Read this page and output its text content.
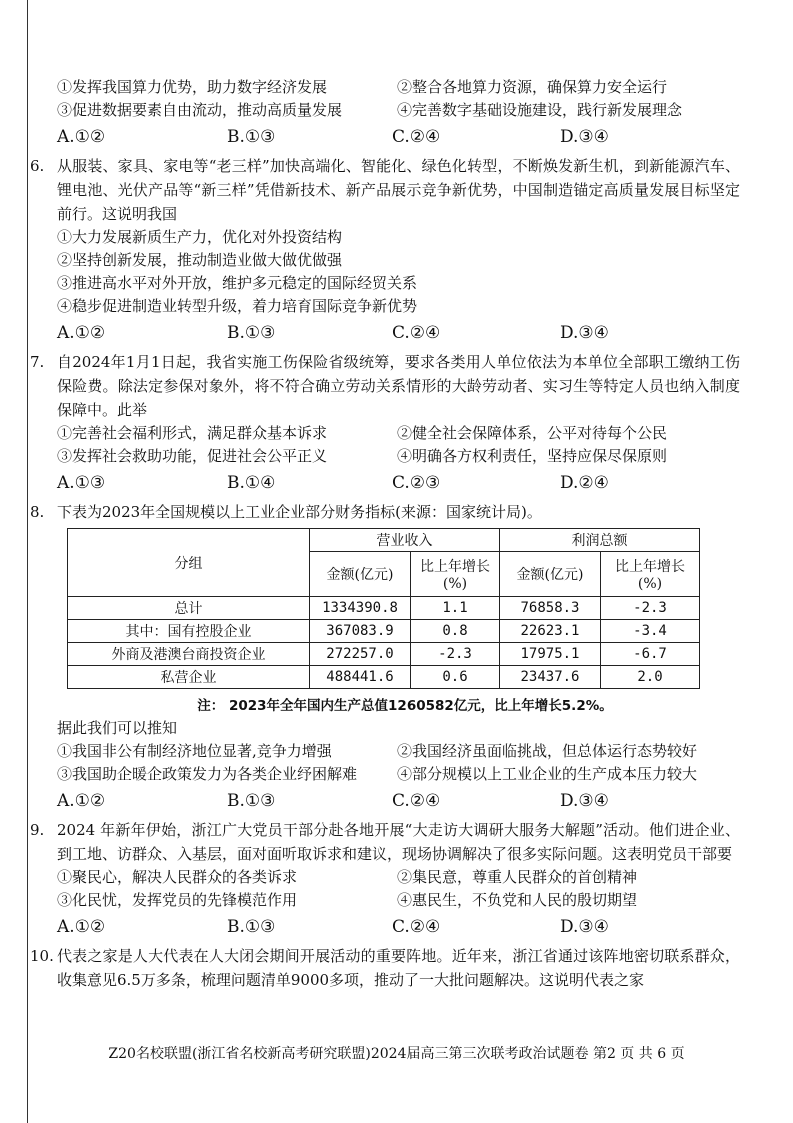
①发挥我国算力优势，助力数字经济发展	②整合各地算力资源，确保算力安全运行
③促进数据要素自由流动，推动高质量发展	④完善数字基础设施建设，践行新发展理念
A.①②	B.①③	C.②④	D.③④
6. 从服装、家具、家电等“老三样”加快高端化、智能化、绿色化转型，不断焕发新生机，到新能源汽车、锂电池、光伏产品等“新三样”凭借新技术、新产品展示竞争新优势，中国制造锚定高质量发展目标坚定前行。这说明我国
①大力发展新质生产力，优化对外投资结构
②坚持创新发展，推动制造业做大做优做强
③推进高水平对外开放，维护多元稳定的国际经贸关系
④稳步促进制造业转型升级，着力培育国际竞争新优势
A.①②	B.①③	C.②④	D.③④
7. 自2024年1月1日起，我省实施工伤保险省级统筹，要求各类用人单位依法为本单位全部职工缴纳工伤保险费。除法定参保对象外，将不符合确立劳动关系情形的大龄劳动者、实习生等特定人员也纳入制度保障中。此举
①完善社会福利形式，满足群众基本诉求	②健全社会保障体系，公平对待每个公民
③发挥社会救助功能，促进社会公平正义	④明确各方权利责任，坚持应保尽保原则
A.①③	B.①④	C.②③	D.②④
8. 下表为2023年全国规模以上工业企业部分财务指标(来源：国家统计局)。
分组	营业收入		利润总额	
	金额(亿元)	比上年增长(%)	金额(亿元)	比上年增长(%)
总计	1334390.8	1.1	76858.3	-2.3
其中：国有控股企业	367083.9	0.8	22623.1	-3.4
外商及港澳台商投资企业	272257.0	-2.3	17975.1	-6.7
私营企业	488441.6	0.6	23437.6	2.0
注： 2023年全年国内生产总值1260582亿元，比上年增长5.2%。
据此我们可以推知
①我国非公有制经济地位显著,竞争力增强	②我国经济虽面临挑战，但总体运行态势较好
③我国助企暖企政策发力为各类企业纾困解难	④部分规模以上工业企业的生产成本压力较大
A.①②	B.①③	C.②④	D.③④
9. 2024 年新年伊始，浙江广大党员干部分赴各地开展“大走访大调研大服务大解题”活动。他们进企业、到工地、访群众、入基层，面对面听取诉求和建议，现场协调解决了很多实际问题。这表明党员干部要
①聚民心，解决人民群众的各类诉求	②集民意，尊重人民群众的首创精神
③化民忧，发挥党员的先锋模范作用	④惠民生，不负党和人民的殷切期望
A.①②	B.①③	C.②④	D.③④
10. 代表之家是人大代表在人大闭会期间开展活动的重要阵地。近年来，浙江省通过该阵地密切联系群众，收集意见6.5万多条，梳理问题清单9000多项，推动了一大批问题解决。这说明代表之家
Z20名校联盟(浙江省名校新高考研究联盟)2024届高三第三次联考政治试题卷 第2 页 共 6 页
